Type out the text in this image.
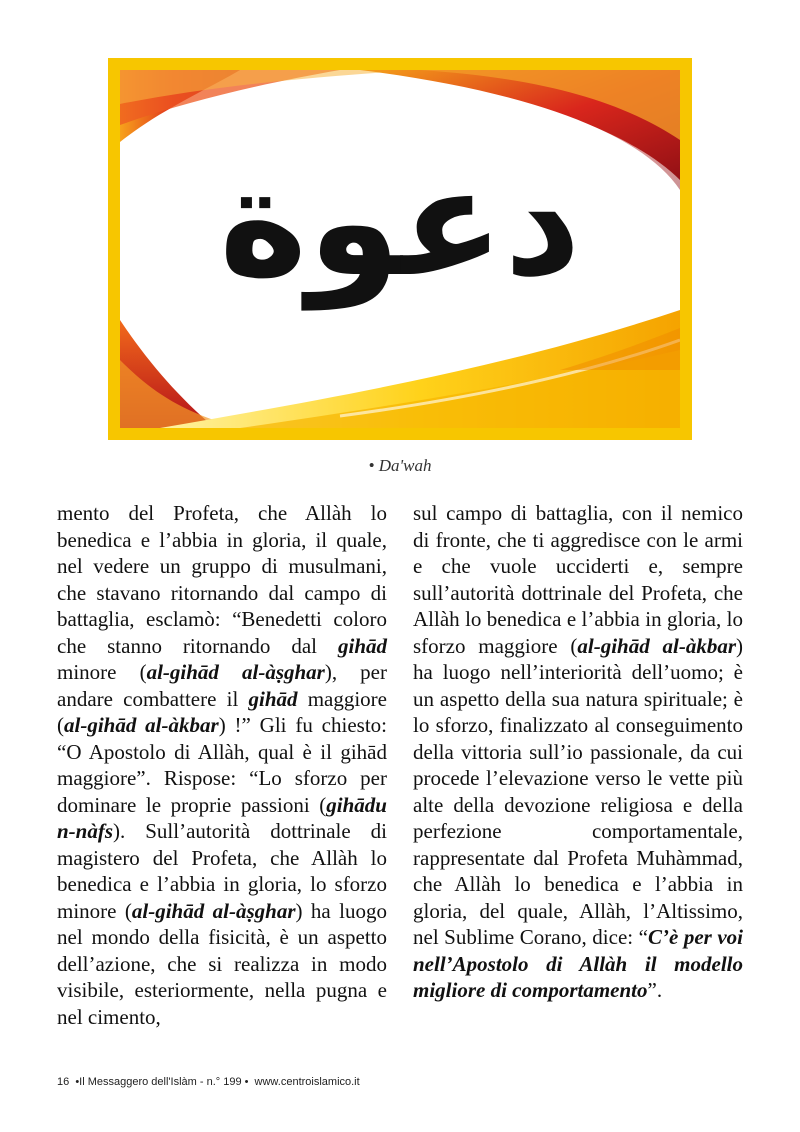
دعوة
• Da'wah

mento del Profeta, che Allàh lo benedica e l’abbia in gloria, il quale, nel vedere un gruppo di musulmani, che stavano ritornando dal campo di battaglia, esclamò: “Benedetti coloro che stanno ritornando dal gihād minore (al-gihād al-àṣghar), per andare combattere il gihād maggiore (al-gihād al-àkbar) !” Gli fu chiesto: “O Apostolo di Allàh, qual è il gihād maggiore”. Rispose: “Lo sforzo per dominare le proprie passioni (gihādu n-nàfs). Sull’autorità dottrinale di magistero del Profeta, che Allàh lo benedica e l’abbia in gloria, lo sforzo minore (al-gihād al-àṣghar) ha luogo nel mondo della fisicità, è un aspetto dell’azione, che si realizza in modo visibile, esteriormente, nella pugna e nel cimento,

sul campo di battaglia, con il nemico di fronte, che ti aggredisce con le armi e che vuole ucciderti e, sempre sull’autorità dottrinale del Profeta, che Allàh lo benedica e l’abbia in gloria, lo sforzo maggiore (al-gihād al-àkbar) ha luogo nell’interiorità dell’uomo; è un aspetto della sua natura spirituale; è lo sforzo, finalizzato al conseguimento della vittoria sull’io passionale, da cui procede l’elevazione verso le vette più alte della devozione religiosa e della perfezione comportamentale, rappresentate dal Profeta Muhàmmad, che Allàh lo benedica e l’abbia in gloria, del quale, Allàh, l’Altissimo, nel Sublime Corano, dice: “C’è per voi nell’Apostolo di Allàh il modello migliore di comportamento”.

16 •Il Messaggero dell'Islàm - n.° 199 • www.centroislamico.it
